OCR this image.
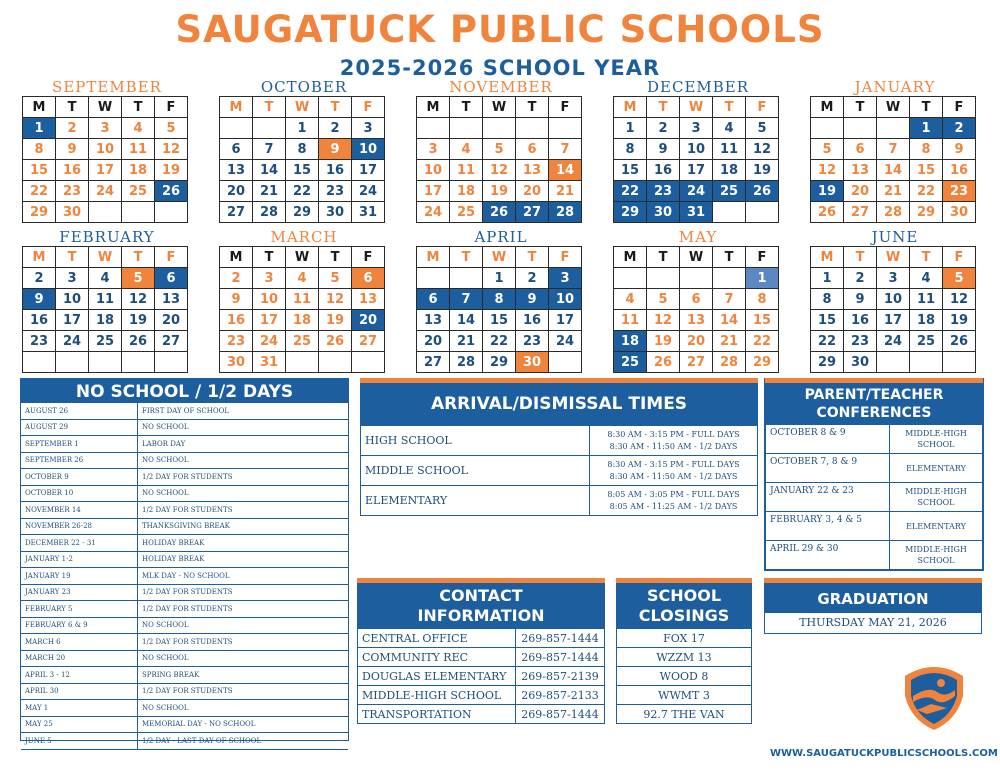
SAUGATUCK PUBLIC SCHOOLS
2025-2026 SCHOOL YEAR
SEPTEMBER
M	T	W	T	F
1	2	3	4	5
8	9	10	11	12
15	16	17	18	19
22	23	24	25	26
29	30			
OCTOBER
M	T	W	T	F
		1	2	3
6	7	8	9	10
13	14	15	16	17
20	21	22	23	24
27	28	29	30	31
NOVEMBER
M	T	W	T	F

3	4	5	6	7
10	11	12	13	14
17	18	19	20	21
24	25	26	27	28
DECEMBER
M	T	W	T	F
1	2	3	4	5
8	9	10	11	12
15	16	17	18	19
22	23	24	25	26
29	30	31		
JANUARY
M	T	W	T	F
			1	2
5	6	7	8	9
12	13	14	15	16
19	20	21	22	23
26	27	28	29	30
FEBRUARY
M	T	W	T	F
2	3	4	5	6
9	10	11	12	13
16	17	18	19	20
23	24	25	26	27

MARCH
M	T	W	T	F
2	3	4	5	6
9	10	11	12	13
16	17	18	19	20
23	24	25	26	27
30	31			
APRIL
M	T	W	T	F
		1	2	3
6	7	8	9	10
13	14	15	16	17
20	21	22	23	24
27	28	29	30	
MAY
M	T	W	T	F
				1
4	5	6	7	8
11	12	13	14	15
18	19	20	21	22
25	26	27	28	29
JUNE
M	T	W	T	F
1	2	3	4	5
8	9	10	11	12
15	16	17	18	19
22	23	24	25	26
29	30			
NO SCHOOL / 1/2 DAYS
AUGUST 26	FIRST DAY OF SCHOOL
AUGUST 29	NO SCHOOL
SEPTEMBER 1	LABOR DAY
SEPTEMBER 26	NO SCHOOL
OCTOBER 9	1/2 DAY FOR STUDENTS
OCTOBER 10	NO SCHOOL
NOVEMBER 14	1/2 DAY FOR STUDENTS
NOVEMBER 26-28	THANKSGIVING BREAK
DECEMBER 22 - 31	HOLIDAY BREAK
JANUARY 1-2	HOLIDAY BREAK
JANUARY 19	MLK DAY - NO SCHOOL
JANUARY 23	1/2 DAY FOR STUDENTS
FEBRUARY 5	1/2 DAY FOR STUDENTS
FEBRUARY 6 & 9	NO SCHOOL
MARCH 6	1/2 DAY FOR STUDENTS
MARCH 20	NO SCHOOL
APRIL 3 - 12	SPRING BREAK
APRIL 30	1/2 DAY FOR STUDENTS
MAY 1	NO SCHOOL
MAY 25	MEMORIAL DAY - NO SCHOOL
JUNE 5	1/2 DAY - LAST DAY OF SCHOOL
ARRIVAL/DISMISSAL TIMES
HIGH SCHOOL	8:30 AM - 3:15 PM - FULL DAYS
8:30 AM - 11:50 AM - 1/2 DAYS

MIDDLE SCHOOL	8:30 AM - 3:15 PM - FULL DAYS
8:30 AM - 11:50 AM - 1/2 DAYS

ELEMENTARY	8:05 AM - 3:05 PM - FULL DAYS
8:05 AM - 11:25 AM - 1/2 DAYS
PARENT/TEACHER
CONFERENCES
OCTOBER 8 & 9	MIDDLE-HIGH SCHOOL
OCTOBER 7, 8 & 9	ELEMENTARY
JANUARY 22 & 23	MIDDLE-HIGH SCHOOL
FEBRUARY 3, 4 & 5	ELEMENTARY
APRIL 29 & 30	MIDDLE-HIGH SCHOOL
CONTACT
INFORMATION
CENTRAL OFFICE	269-857-1444
COMMUNITY REC	269-857-1444
DOUGLAS ELEMENTARY	269-857-2139
MIDDLE-HIGH SCHOOL	269-857-2133
TRANSPORTATION	269-857-1444
SCHOOL
CLOSINGS
FOX 17
WZZM 13
WOOD 8
WWMT 3
92.7 THE VAN
GRADUATION
THURSDAY MAY 21, 2026
WWW.SAUGATUCKPUBLICSCHOOLS.COM
